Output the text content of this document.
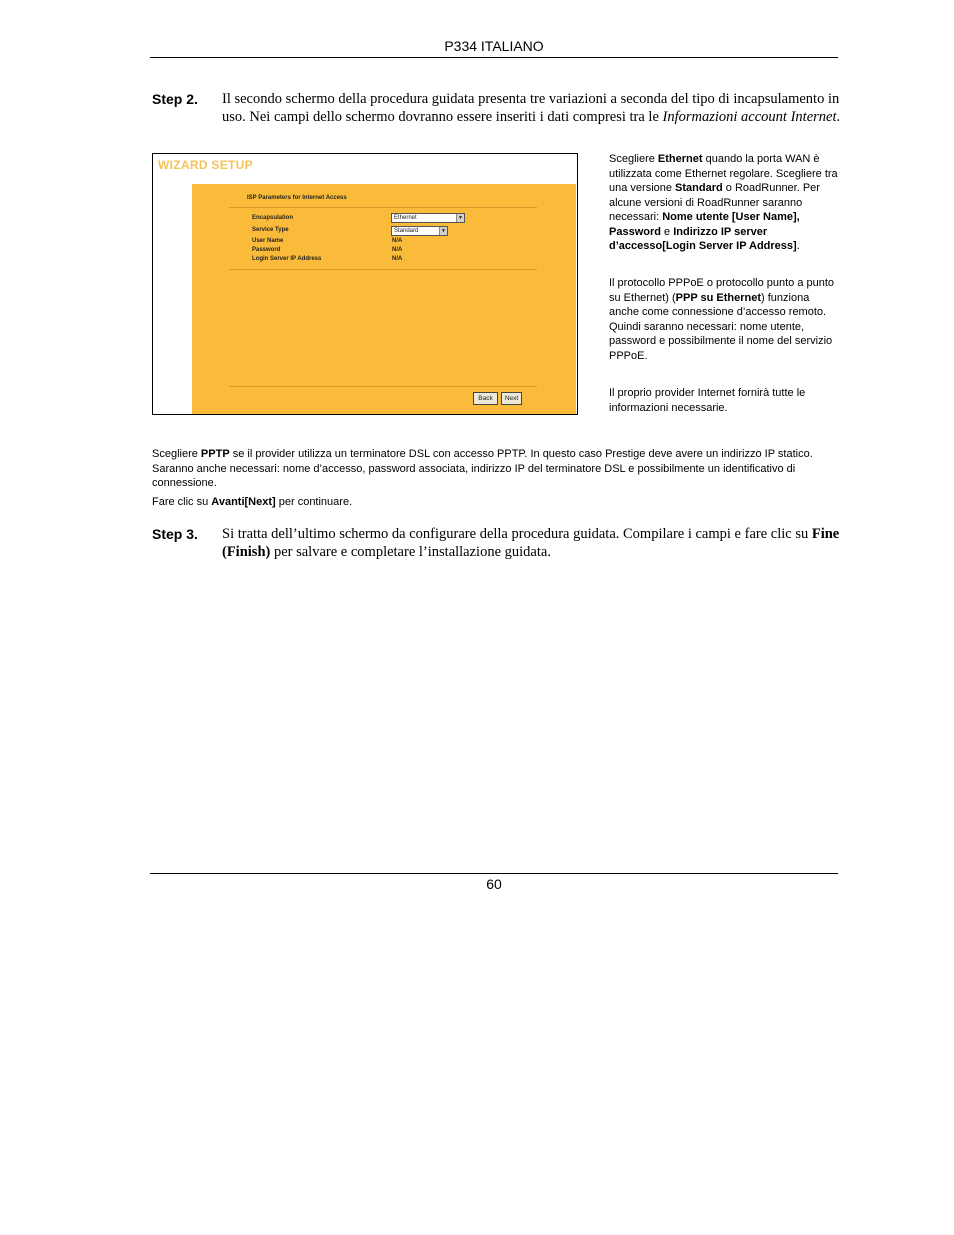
P334 ITALIANO
Step 2. Il secondo schermo della procedura guidata presenta tre variazioni a seconda del tipo di incapsulamento in uso. Nei campi dello schermo dovranno essere inseriti i dati compresi tra le Informazioni account Internet.
WIZARD SETUP
ISP Parameters for Internet Access
Encapsulation	Ethernet	▼
Service Type	Standard	▼
User Name	N/A
Password	N/A
Login Server IP Address	N/A
Back	Next
Scegliere Ethernet quando la porta WAN è utilizzata come Ethernet regolare. Scegliere tra una versione Standard o RoadRunner. Per alcune versioni di RoadRunner saranno necessari: Nome utente [User Name], Password e Indirizzo IP server d’accesso[Login Server IP Address].
Il protocollo PPPoE o protocollo punto a punto su Ethernet) (PPP su Ethernet) funziona anche come connessione d’accesso remoto. Quindi saranno necessari: nome utente, password e possibilmente il nome del servizio PPPoE.
Il proprio provider Internet fornirà tutte le informazioni necessarie.
Scegliere PPTP se il provider utilizza un terminatore DSL con accesso PPTP. In questo caso Prestige deve avere un indirizzo IP statico. Saranno anche necessari: nome d’accesso, password associata, indirizzo IP del terminatore DSL e possibilmente un identificativo di connessione.
Fare clic su Avanti[Next] per continuare.
Step 3. Si tratta dell’ultimo schermo da configurare della procedura guidata. Compilare i campi e fare clic su Fine (Finish) per salvare e completare l’installazione guidata.
60
